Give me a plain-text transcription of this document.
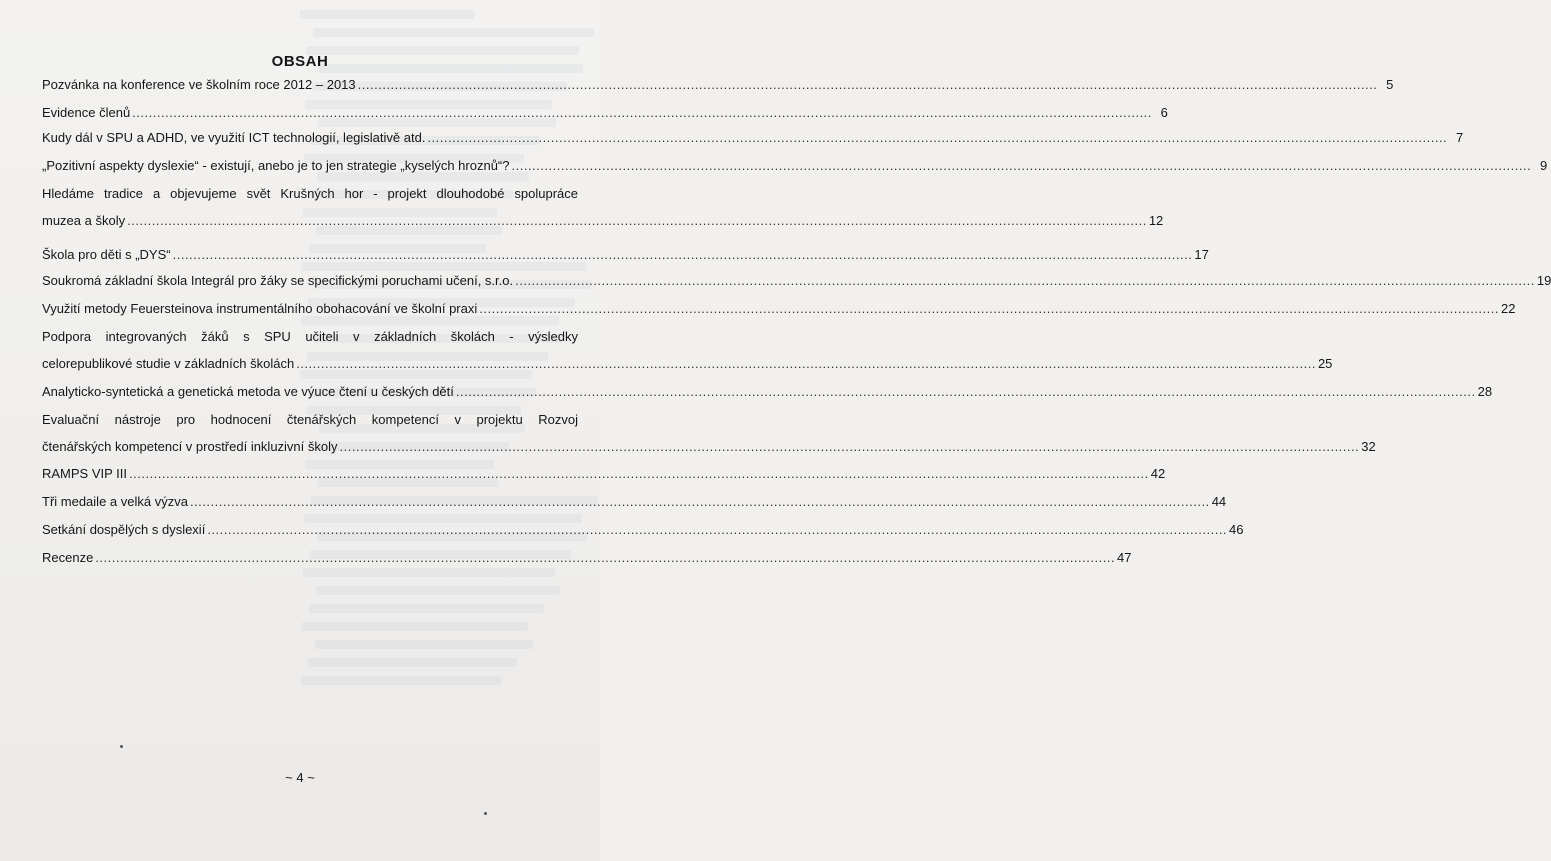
OBSAH
Pozvánka na konference ve školním roce 2012 – 2013 .....	5
Evidence členů .....	6
Kudy dál v SPU a ADHD, ve využití ICT technologií, legislativě atd. .....	7
„Pozitivní aspekty dyslexie“ - existují, anebo je to jen strategie „kyselých hroznů“? .....	9
Hledáme tradice a objevujeme svět Krušných hor - projekt dlouhodobé spolupráce
muzea a školy .....	12
Škola pro děti s „DYS“ .....	17
Soukromá základní škola Integrál pro žáky se specifickými poruchami učení, s.r.o. .....	19
Využití metody Feuersteinova instrumentálního obohacování ve školní praxi .....	22
Podpora integrovaných žáků s SPU učiteli v základních školách - výsledky
celorepublikové studie v základních školách .....	25
Analyticko-syntetická a genetická metoda ve výuce čtení u českých dětí .....	28
Evaluační nástroje pro hodnocení čtenářských kompetencí v projektu Rozvoj
čtenářských kompetencí v prostředí inkluzivní školy .....	32
RAMPS VIP III .....	42
Tři medaile a velká výzva .....	44
Setkání dospělých s dyslexií .....	46
Recenze .....	47
~ 4 ~
